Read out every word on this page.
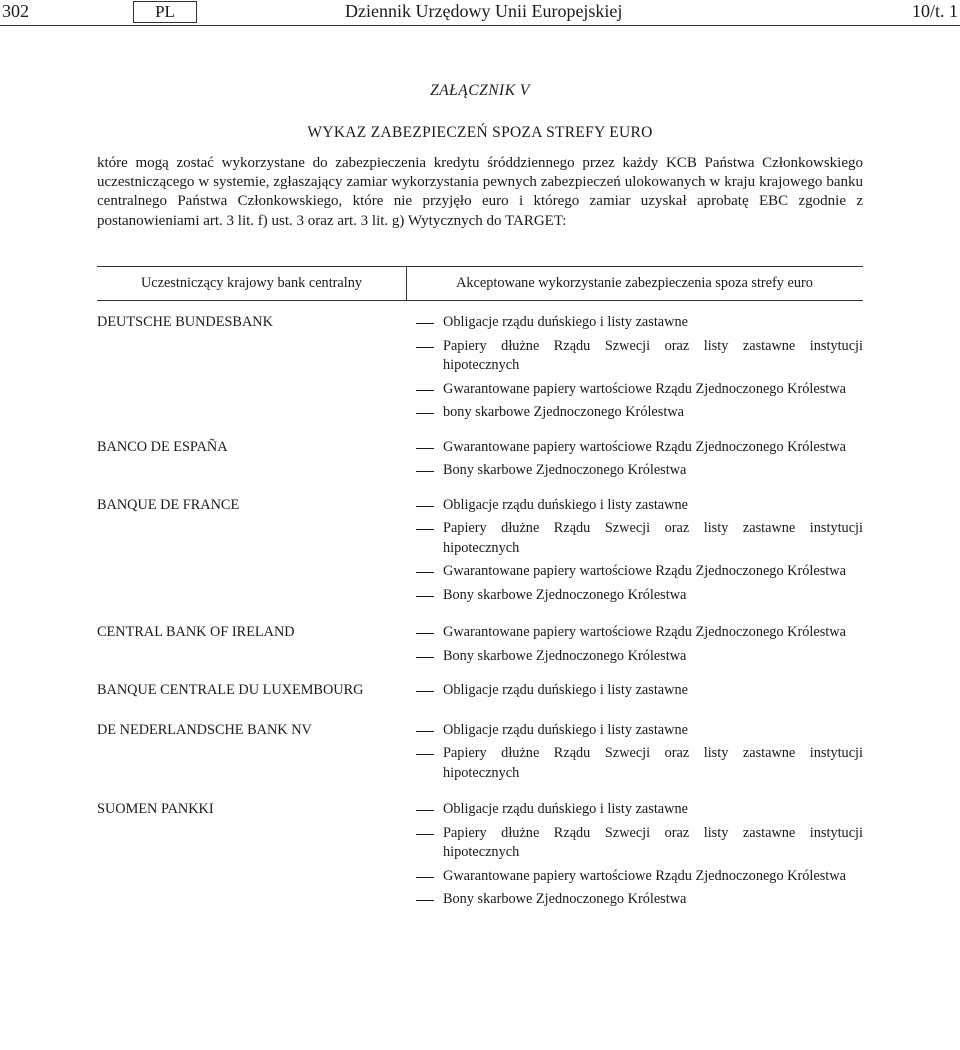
302	PL	Dziennik Urzędowy Unii Europejskiej	10/t. 1
ZAŁĄCZNIK V
WYKAZ ZABEZPIECZEŃ SPOZA STREFY EURO
które mogą zostać wykorzystane do zabezpieczenia kredytu śróddziennego przez każdy KCB Państwa Członkowskiego uczestniczącego w systemie, zgłaszający zamiar wykorzystania pewnych zabezpieczeń ulokowanych w kraju krajowego banku centralnego Państwa Członkowskiego, które nie przyjęło euro i którego zamiar uzyskał aprobatę EBC zgodnie z postanowieniami art. 3 lit. f) ust. 3 oraz art. 3 lit. g) Wytycznych do TARGET:
Uczestniczący krajowy bank centralny	Akceptowane wykorzystanie zabezpieczenia spoza strefy euro
DEUTSCHE BUNDESBANK	Obligacje rządu duńskiego i listy zastawne
Papiery dłużne Rządu Szwecji oraz listy zastawne instytucji hipotecznych
Gwarantowane papiery wartościowe Rządu Zjednoczonego Królestwa
bony skarbowe Zjednoczonego Królestwa
BANCO DE ESPAÑA	Gwarantowane papiery wartościowe Rządu Zjednoczonego Królestwa
Bony skarbowe Zjednoczonego Królestwa
BANQUE DE FRANCE	Obligacje rządu duńskiego i listy zastawne
Papiery dłużne Rządu Szwecji oraz listy zastawne instytucji hipotecznych
Gwarantowane papiery wartościowe Rządu Zjednoczonego Królestwa
Bony skarbowe Zjednoczonego Królestwa
CENTRAL BANK OF IRELAND	Gwarantowane papiery wartościowe Rządu Zjednoczonego Królestwa
Bony skarbowe Zjednoczonego Królestwa
BANQUE CENTRALE DU LUXEMBOURG	Obligacje rządu duńskiego i listy zastawne
DE NEDERLANDSCHE BANK NV	Obligacje rządu duńskiego i listy zastawne
Papiery dłużne Rządu Szwecji oraz listy zastawne instytucji hipotecznych
SUOMEN PANKKI	Obligacje rządu duńskiego i listy zastawne
Papiery dłużne Rządu Szwecji oraz listy zastawne instytucji hipotecznych
Gwarantowane papiery wartościowe Rządu Zjednoczonego Królestwa
Bony skarbowe Zjednoczonego Królestwa
